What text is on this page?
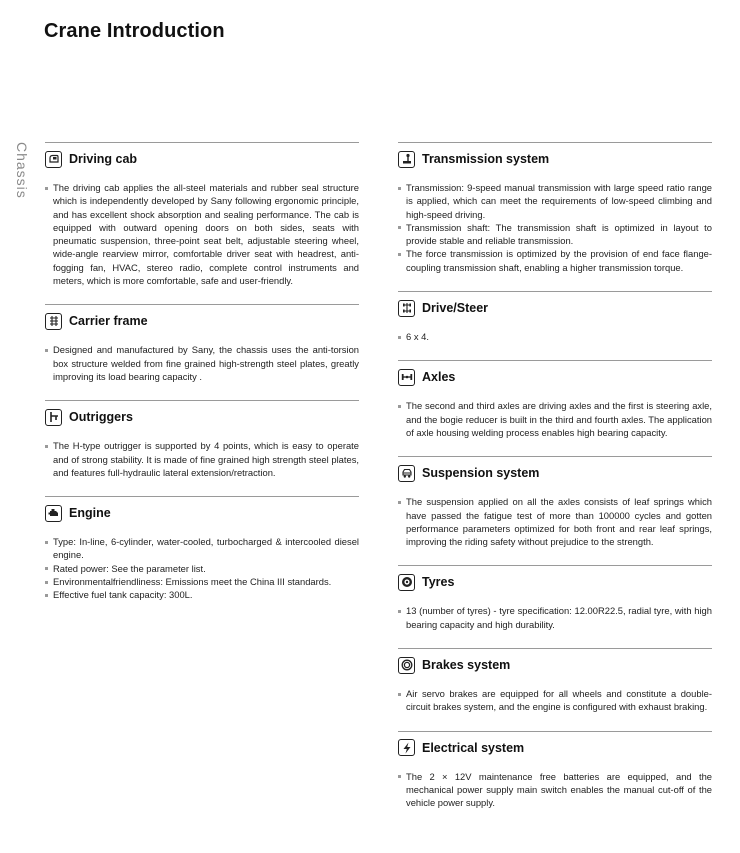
Crane Introduction
Chassis	Driving cab
The driving cab applies the all-steel materials and rubber seal structure which is independently developed by Sany following ergonomic principle, and has excellent shock absorption and sealing performance. The cab is equipped with outward opening doors on both sides, seats with pneumatic suspension, three-point seat belt, adjustable steering wheel, wide-angle rearview mirror, comfortable driver seat with headrest, anti-fogging fan, HVAC, stereo radio, complete control instruments and meters, which is more comfortable, safe and user-friendly.
Carrier frame
Designed and manufactured by Sany, the chassis uses the anti-torsion box structure welded from fine grained high-strength steel plates, greatly improving its load bearing capacity .
Outriggers
The H-type outrigger is supported by 4 points, which is easy to operate and of strong stability. It is made of fine grained high strength steel plates, and features full-hydraulic lateral extension/retraction.
Engine
Type: In-line, 6-cylinder, water-cooled, turbocharged & intercooled diesel engine.
Rated power: See the parameter list.
Environmentalfriendliness: Emissions meet the China III standards.
Effective fuel tank capacity: 300L.
Transmission system
Transmission: 9-speed manual transmission with large speed ratio range is applied, which can meet the requirements of low-speed climbing and high-speed driving.
Transmission shaft: The transmission shaft is optimized in layout to provide stable and reliable transmission.
The force transmission is optimized by the provision of end face flange-coupling transmission shaft, enabling a higher transmission torque.
Drive/Steer
6 x 4.
Axles
The second and third axles are driving axles and the first is steering axle, and the bogie reducer is built in the third and fourth axles. The application of axle housing welding process enables high bearing capacity.
Suspension system
The suspension applied on all the axles consists of leaf springs which have passed the fatigue test of more than 100000 cycles and gotten performance parameters optimized for both front and rear leaf springs, improving the riding safety without prejudice to the strength.
Tyres
13 (number of tyres) - tyre specification: 12.00R22.5, radial tyre, with high bearing capacity and high durability.
Brakes system
Air servo brakes are equipped for all wheels and constitute a double-circuit brakes system, and the engine is configured with exhaust braking.
Electrical system
The 2 × 12V maintenance free batteries are equipped, and the mechanical power supply main switch enables the manual cut-off of the vehicle power supply.
